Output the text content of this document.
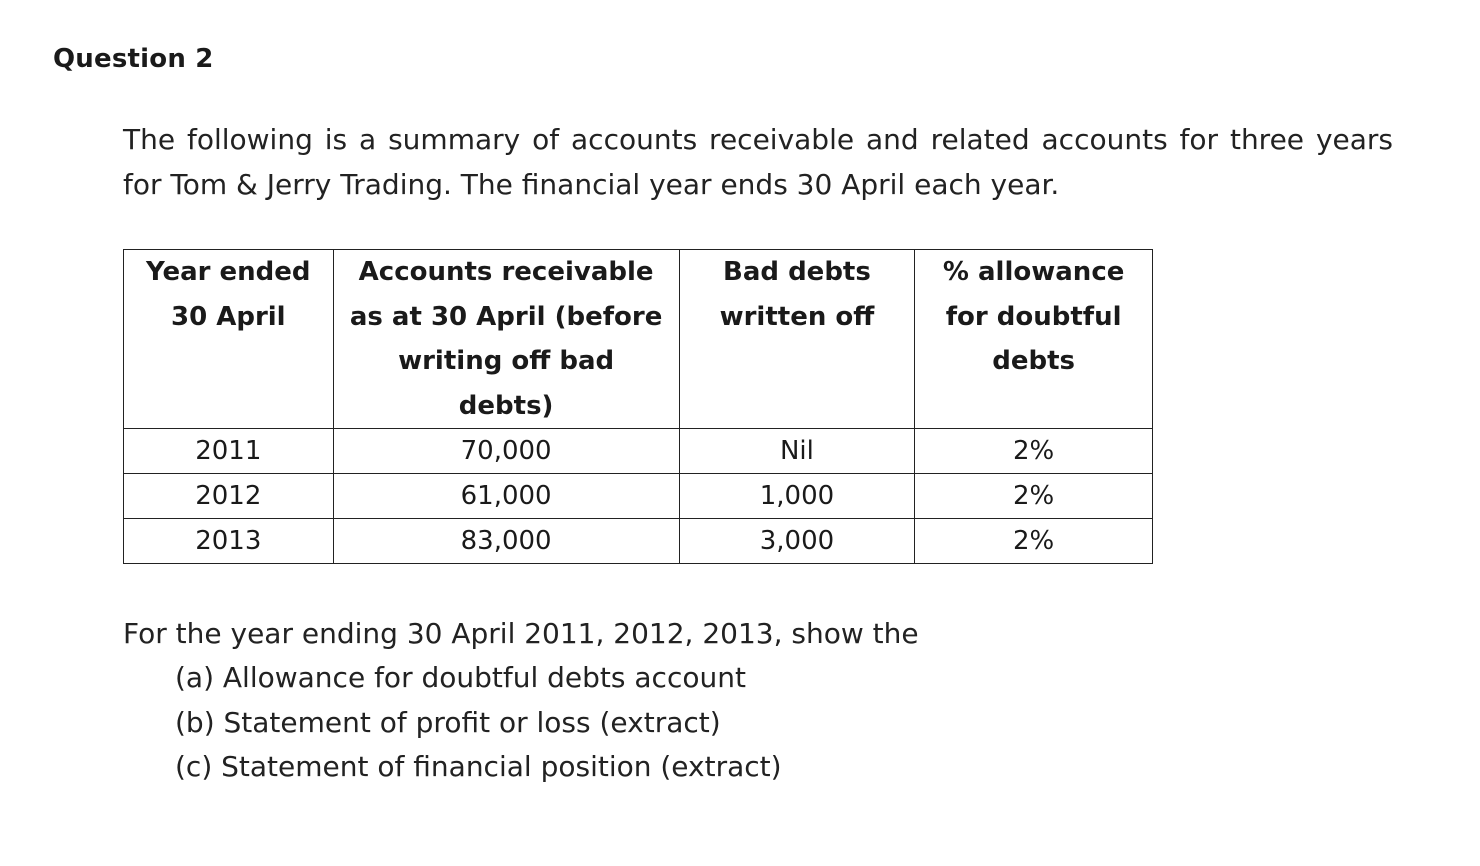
Question 2

The following is a summary of accounts receivable and related accounts for three years for Tom & Jerry Trading. The financial year ends 30 April each year.

Year ended 30 April	Accounts receivable as at 30 April (before writing off bad debts)	Bad debts written off	% allowance for doubtful debts

2011	70,000	Nil	2%
2012	61,000	1,000	2%
2013	83,000	3,000	2%

For the year ending 30 April 2011, 2012, 2013, show the

(a) Allowance for doubtful debts account
(b) Statement of profit or loss (extract)
(c) Statement of financial position (extract)
